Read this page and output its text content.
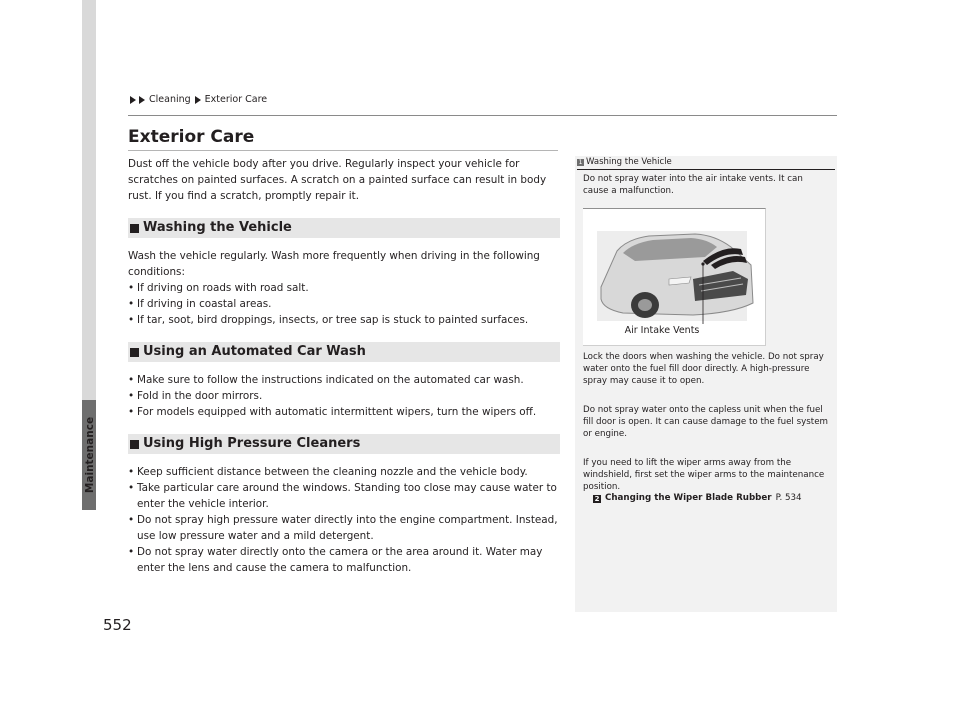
Maintenance
552
Cleaning Exterior Care
Exterior Care

Dust off the vehicle body after you drive. Regularly inspect your vehicle for scratches on painted surfaces. A scratch on a painted surface can result in body rust. If you find a scratch, promptly repair it.

Washing the Vehicle

Wash the vehicle regularly. Wash more frequently when driving in the following conditions:

• If driving on roads with road salt.
• If driving in coastal areas.
• If tar, soot, bird droppings, insects, or tree sap is stuck to painted surfaces.
Using an Automated Car Wash
• Make sure to follow the instructions indicated on the automated car wash.
• Fold in the door mirrors.
• For models equipped with automatic intermittent wipers, turn the wipers off.
Using High Pressure Cleaners
• Keep sufficient distance between the cleaning nozzle and the vehicle body.
• Take particular care around the windows. Standing too close may cause water to enter the vehicle interior.
• Do not spray high pressure water directly into the engine compartment. Instead, use low pressure water and a mild detergent.
• Do not spray water directly onto the camera or the area around it. Water may enter the lens and cause the camera to malfunction.
1 Washing the Vehicle

Do not spray water into the air intake vents. It can cause a malfunction.

Air Intake Vents

Lock the doors when washing the vehicle. Do not spray water onto the fuel fill door directly. A high-pressure spray may cause it to open.

Do not spray water onto the capless unit when the fuel fill door is open. It can cause damage to the fuel system or engine.

If you need to lift the wiper arms away from the windshield, first set the wiper arms to the maintenance position.

2 Changing the Wiper Blade Rubber P. 534
